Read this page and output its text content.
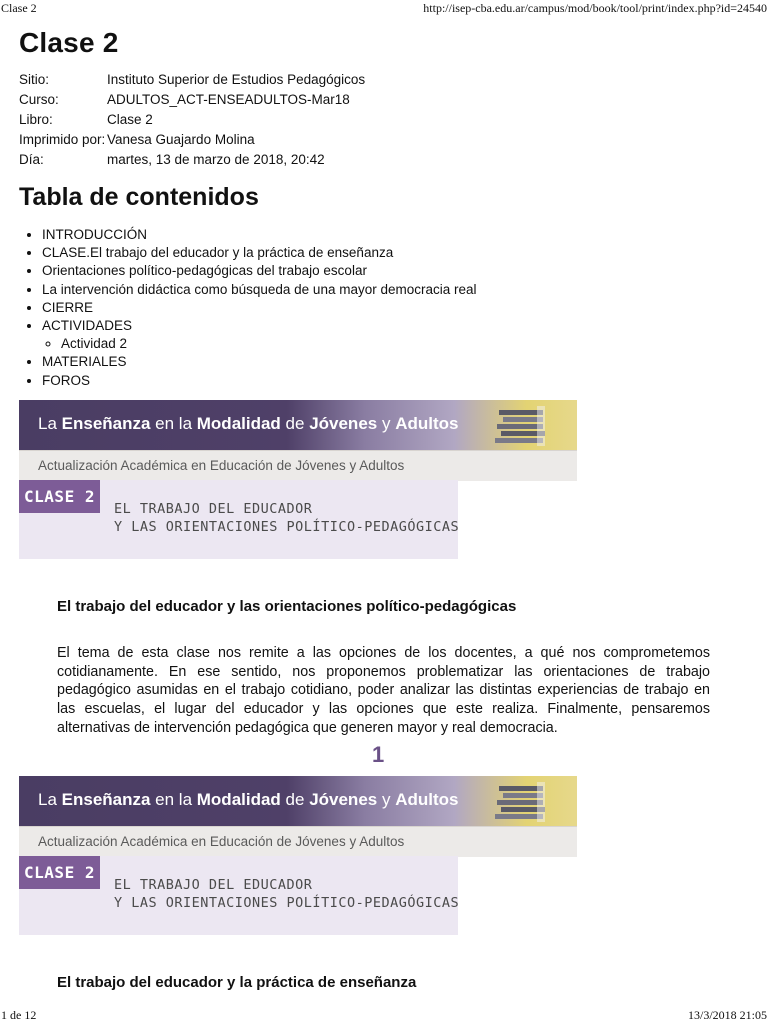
Clase 2	http://isep-cba.edu.ar/campus/mod/book/tool/print/index.php?id=24540
Clase 2
Sitio:	Instituto Superior de Estudios Pedagógicos
Curso:	ADULTOS_ACT-ENSEADULTOS-Mar18
Libro:	Clase 2
Imprimido por:	Vanesa Guajardo Molina
Día:	martes, 13 de marzo de 2018, 20:42
Tabla de contenidos
• INTRODUCCIÓN
• CLASE.El trabajo del educador y la práctica de enseñanza
• Orientaciones político-pedagógicas del trabajo escolar
• La intervención didáctica como búsqueda de una mayor democracia real
• CIERRE
• ACTIVIDADES
◦ Actividad 2
• MATERIALES
• FOROS
La Enseñanza en la Modalidad de Jóvenes y Adultos
Actualización Académica en Educación de Jóvenes y Adultos
CLASE 2
EL TRABAJO DEL EDUCADOR
Y LAS ORIENTACIONES POLÍTICO-PEDAGÓGICAS
El trabajo del educador y las orientaciones político-pedagógicas

El tema de esta clase nos remite a las opciones de los docentes, a qué nos comprometemos cotidianamente. En ese sentido, nos proponemos problematizar las orientaciones de trabajo pedagógico asumidas en el trabajo cotidiano, poder analizar las distintas experiencias de trabajo en las escuelas, el lugar del educador y las opciones que este realiza. Finalmente, pensaremos alternativas de intervención pedagógica que generen mayor y real democracia.

1
La Enseñanza en la Modalidad de Jóvenes y Adultos
Actualización Académica en Educación de Jóvenes y Adultos
CLASE 2
EL TRABAJO DEL EDUCADOR
Y LAS ORIENTACIONES POLÍTICO-PEDAGÓGICAS
El trabajo del educador y la práctica de enseñanza
1 de 12	13/3/2018 21:05
